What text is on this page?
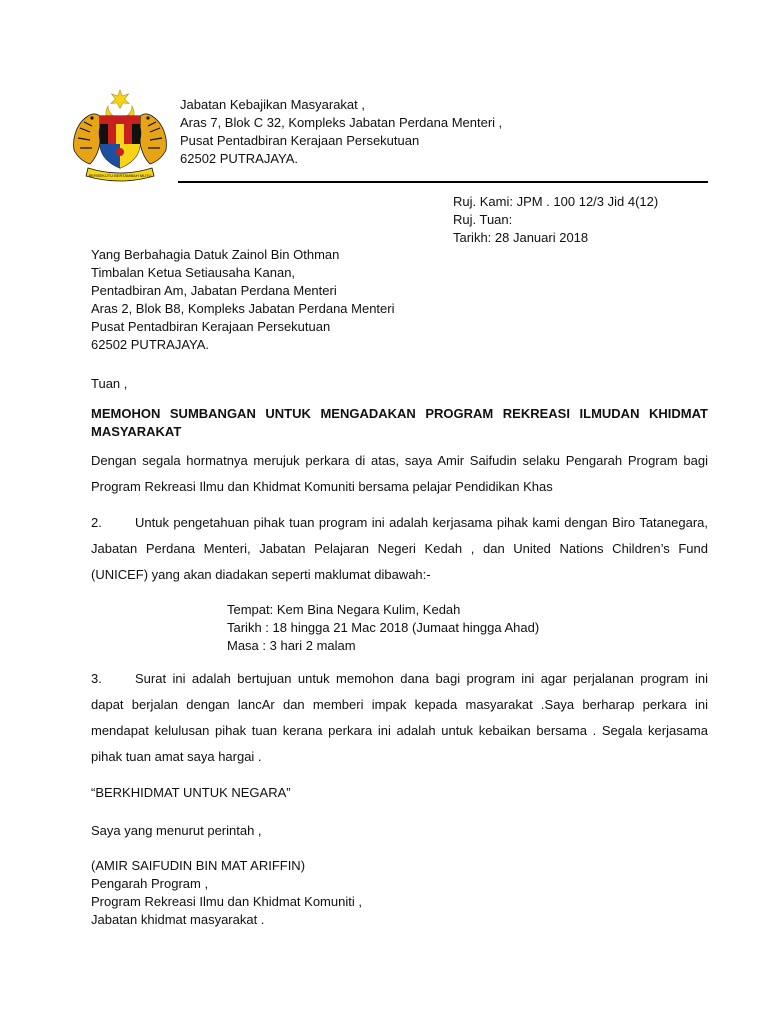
BERSEKUTU BERTAMBAH MUTU
Jabatan Kebajikan Masyarakat ,
Aras 7, Blok C 32, Kompleks Jabatan Perdana Menteri ,
Pusat Pentadbiran Kerajaan Persekutuan
62502 PUTRAJAYA.
Ruj. Kami: JPM . 100 12/3 Jid 4(12)
Ruj. Tuan:
Tarikh: 28 Januari 2018
Yang Berbahagia Datuk Zainol Bin Othman
Timbalan Ketua Setiausaha Kanan,
Pentadbiran Am, Jabatan Perdana Menteri
Aras 2, Blok B8, Kompleks Jabatan Perdana Menteri
Pusat Pentadbiran Kerajaan Persekutuan
62502 PUTRAJAYA.
Tuan ,
MEMOHON SUMBANGAN UNTUK MENGADAKAN PROGRAM REKREASI ILMUDAN KHIDMAT MASYARAKAT
Dengan segala hormatnya merujuk perkara di atas, saya Amir Saifudin selaku Pengarah Program bagi Program Rekreasi Ilmu dan Khidmat Komuniti bersama pelajar Pendidikan Khas
2.	Untuk pengetahuan pihak tuan program ini adalah kerjasama pihak kami dengan Biro Tatanegara, Jabatan Perdana Menteri, Jabatan Pelajaran Negeri Kedah , dan United Nations Children’s Fund (UNICEF) yang akan diadakan seperti maklumat dibawah:-
Tempat: Kem Bina Negara Kulim, Kedah
Tarikh : 18 hingga 21 Mac 2018 (Jumaat hingga Ahad)
Masa : 3 hari 2 malam
3.	Surat ini adalah bertujuan untuk memohon dana bagi program ini agar perjalanan program ini dapat berjalan dengan lancAr dan memberi impak kepada masyarakat .Saya berharap perkara ini mendapat kelulusan pihak tuan kerana perkara ini adalah untuk kebaikan bersama . Segala kerjasama pihak tuan amat saya hargai .
“BERKHIDMAT UNTUK NEGARA”
Saya yang menurut perintah ,
(AMIR SAIFUDIN BIN MAT ARIFFIN)
Pengarah Program ,
Program Rekreasi Ilmu dan Khidmat Komuniti ,
Jabatan khidmat masyarakat .
